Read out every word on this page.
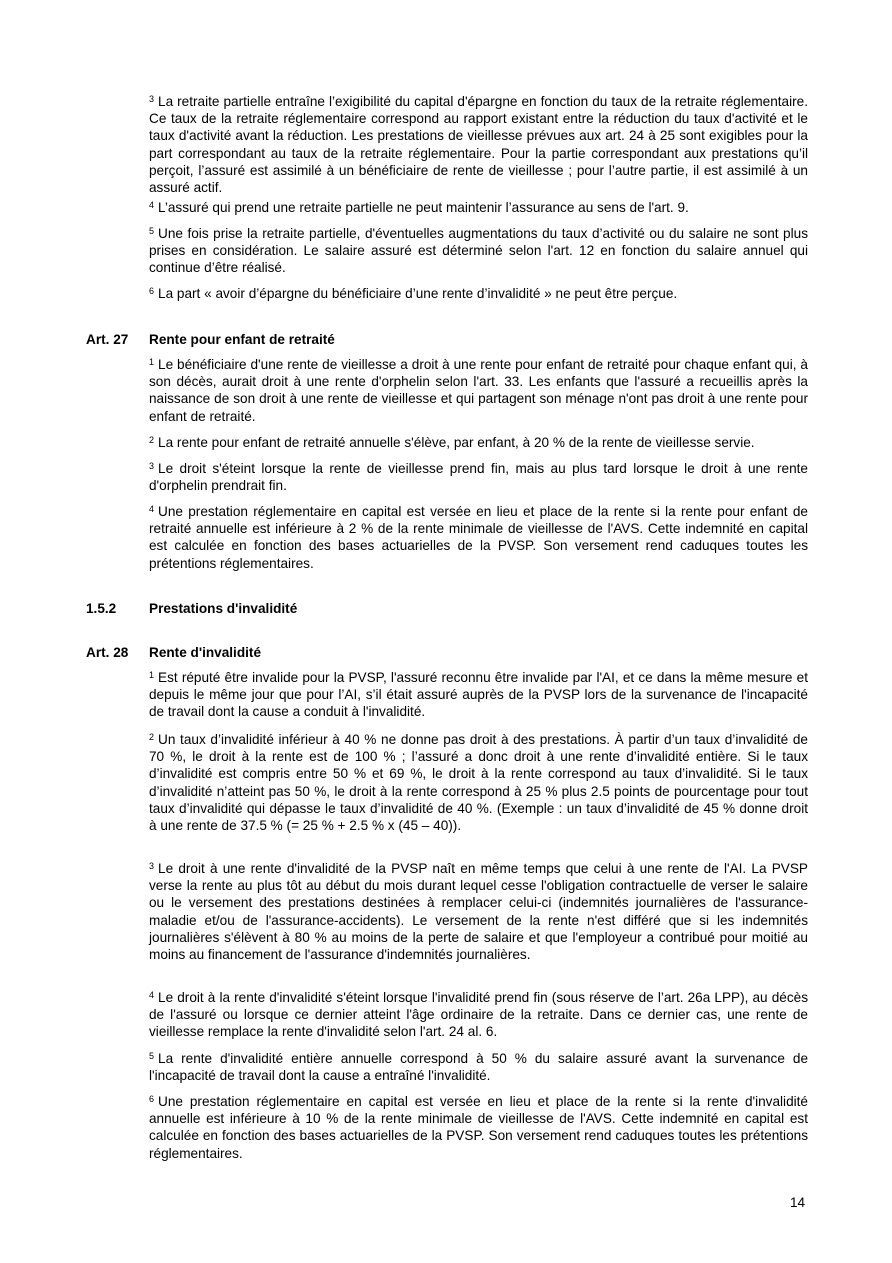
$^3$ La retraite partielle entraîne l’exigibilité du capital d'épargne en fonction du taux de la retraite réglementaire. Ce taux de la retraite réglementaire correspond au rapport existant entre la réduction du taux d'activité et le taux d'activité avant la réduction. Les prestations de vieillesse prévues aux art. 24 à 25 sont exigibles pour la part correspondant au taux de la retraite réglementaire. Pour la partie correspondant aux prestations qu’il perçoit, l’assuré est assimilé à un bénéficiaire de rente de vieillesse ; pour l’autre partie, il est assimilé à un assuré actif.

$^4$ L’assuré qui prend une retraite partielle ne peut maintenir l’assurance au sens de l'art. 9.

$^5$ Une fois prise la retraite partielle, d'éventuelles augmentations du taux d’activité ou du salaire ne sont plus prises en considération. Le salaire assuré est déterminé selon l'art. 12 en fonction du salaire annuel qui continue d’être réalisé.

$^6$ La part « avoir d’épargne du bénéficiaire d’une rente d’invalidité » ne peut être perçue.

Art. 27 Rente pour enfant de retraité

$^1$ Le bénéficiaire d'une rente de vieillesse a droit à une rente pour enfant de retraité pour chaque enfant qui, à son décès, aurait droit à une rente d'orphelin selon l'art. 33. Les enfants que l'assuré a recueillis après la naissance de son droit à une rente de vieillesse et qui partagent son ménage n'ont pas droit à une rente pour enfant de retraité.

$^2$ La rente pour enfant de retraité annuelle s'élève, par enfant, à 20 % de la rente de vieillesse servie.

$^3$ Le droit s'éteint lorsque la rente de vieillesse prend fin, mais au plus tard lorsque le droit à une rente d'orphelin prendrait fin.

$^4$ Une prestation réglementaire en capital est versée en lieu et place de la rente si la rente pour enfant de retraité annuelle est inférieure à 2 % de la rente minimale de vieillesse de l'AVS. Cette indemnité en capital est calculée en fonction des bases actuarielles de la PVSP. Son versement rend caduques toutes les prétentions réglementaires.

1.5.2 Prestations d'invalidité
Art. 28 Rente d'invalidité

$^1$ Est réputé être invalide pour la PVSP, l'assuré reconnu être invalide par l'AI, et ce dans la même mesure et depuis le même jour que pour l’AI, s’il était assuré auprès de la PVSP lors de la survenance de l'incapacité de travail dont la cause a conduit à l'invalidité.

$^2$ Un taux d’invalidité inférieur à 40 % ne donne pas droit à des prestations. À partir d’un taux d’invalidité de 70 %, le droit à la rente est de 100 % ; l’assuré a donc droit à une rente d’invalidité entière. Si le taux d’invalidité est compris entre 50 % et 69 %, le droit à la rente correspond au taux d’invalidité. Si le taux d’invalidité n’atteint pas 50 %, le droit à la rente correspond à 25 % plus 2.5 points de pourcentage pour tout taux d’invalidité qui dépasse le taux d’invalidité de 40 %. (Exemple : un taux d’invalidité de 45 % donne droit à une rente de 37.5 % (= 25 % + 2.5 % x (45 – 40)).

$^3$ Le droit à une rente d'invalidité de la PVSP naît en même temps que celui à une rente de l'AI. La PVSP verse la rente au plus tôt au début du mois durant lequel cesse l'obligation contractuelle de verser le salaire ou le versement des prestations destinées à remplacer celui-ci (indemnités journalières de l'assurance-maladie et/ou de l'assurance-accidents). Le versement de la rente n'est différé que si les indemnités journalières s'élèvent à 80 % au moins de la perte de salaire et que l'employeur a contribué pour moitié au moins au financement de l'assurance d'indemnités journalières.

$^4$ Le droit à la rente d'invalidité s'éteint lorsque l'invalidité prend fin (sous réserve de l’art. 26a LPP), au décès de l'assuré ou lorsque ce dernier atteint l'âge ordinaire de la retraite. Dans ce dernier cas, une rente de vieillesse remplace la rente d'invalidité selon l'art. 24 al. 6.

$^5$ La rente d'invalidité entière annuelle correspond à 50 % du salaire assuré avant la survenance de l'incapacité de travail dont la cause a entraîné l'invalidité.

$^6$ Une prestation réglementaire en capital est versée en lieu et place de la rente si la rente d'invalidité annuelle est inférieure à 10 % de la rente minimale de vieillesse de l'AVS. Cette indemnité en capital est calculée en fonction des bases actuarielles de la PVSP. Son versement rend caduques toutes les prétentions réglementaires.

14
